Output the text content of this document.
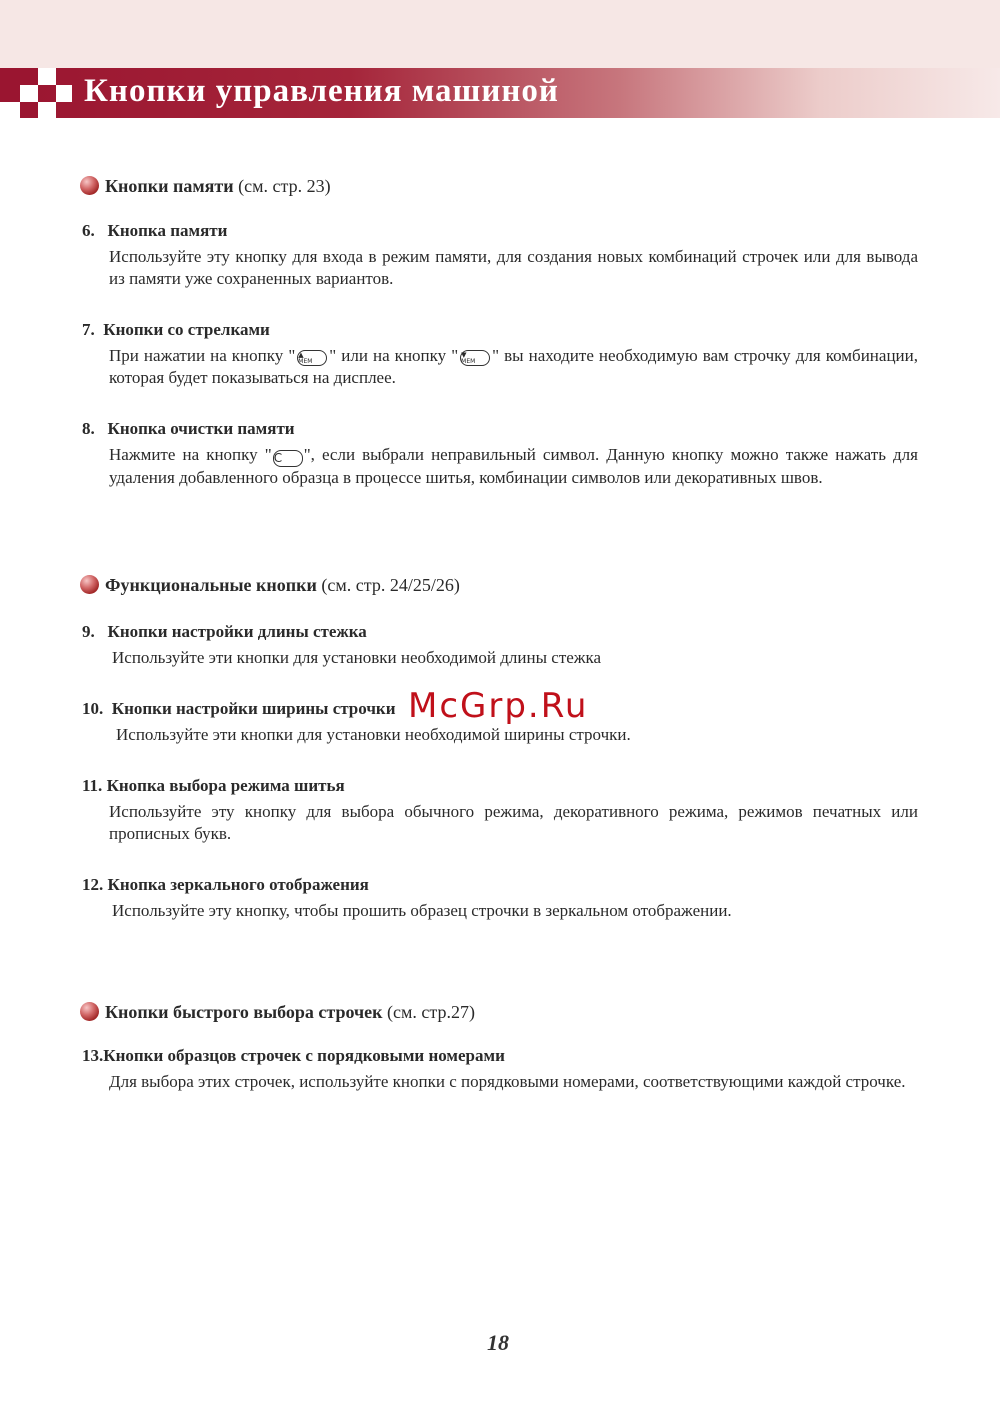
Кнопки управления машиной
Кнопки памяти (см. стр. 23)

6. Кнопка памяти

Используйте эту кнопку для входа в режим памяти, для создания новых комбинаций строчек или для вывода из памяти уже сохраненных вариантов.

7. Кнопки со стрелками

При нажатии на кнопку " ▲
MEM " или на кнопку " ▼
MEM " вы находите необходимую вам строчку для комбинации, которая будет показываться на дисплее.

8. Кнопка очистки памяти

Нажмите на кнопку " C ", если выбрали неправильный символ. Данную кнопку можно также нажать для удаления добавленного образца в процессе шитья, комбинации символов или декоративных швов.

Функциональные кнопки (см. стр. 24/25/26)

9. Кнопки настройки длины стежка

Используйте эти кнопки для установки необходимой длины стежка

10. Кнопки настройки ширины строчки

Используйте эти кнопки для установки необходимой ширины строчки.

11. Кнопка выбора режима шитья

Используйте эту кнопку для выбора обычного режима, декоративного режима, режимов печатных или прописных букв.

12. Кнопка зеркального отображения

Используйте эту кнопку, чтобы прошить образец строчки в зеркальном отображении.

Кнопки быстрого выбора строчек (см. стр.27)

13.Кнопки образцов строчек с порядковыми номерами

Для выбора этих строчек, используйте кнопки с порядковыми номерами, соответствующими каждой строчке.

McGrp.Ru

18
